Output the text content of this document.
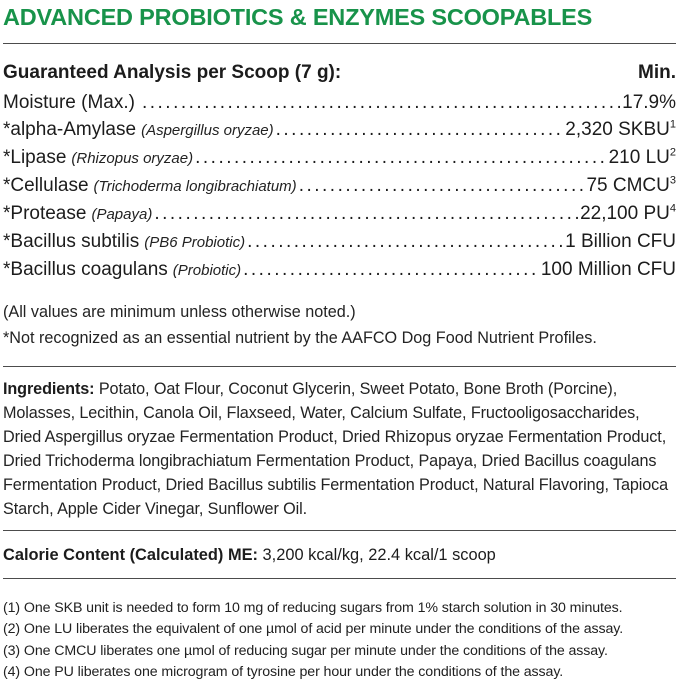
ADVANCED PROBIOTICS & ENZYMES SCOOPABLES
Guaranteed Analysis per Scoop (7 g):	Min.
Moisture (Max.) .....	17.9%
*alpha-Amylase (Aspergillus oryzae) .....	2,320 SKBU$^1$
*Lipase (Rhizopus oryzae) .....	210 $LU^2$
*Cellulase (Trichoderma longibrachiatum) .....	75 CMCU$^3$
*Protease (Papaya) .....	22,100 $PU^4$
*Bacillus subtilis (PB6 Probiotic) .....	1 Billion CFU
*Bacillus coagulans (Probiotic) .....	100 Million CFU

(All values are minimum unless otherwise noted.)

*Not recognized as an essential nutrient by the AAFCO Dog Food Nutrient Profiles.

Ingredients: Potato, Oat Flour, Coconut Glycerin, Sweet Potato, Bone Broth (Porcine), Molasses, Lecithin, Canola Oil, Flaxseed, Water, Calcium Sulfate, Fructooligosaccharides, Dried Aspergillus oryzae Fermentation Product, Dried Rhizopus oryzae Fermentation Product, Dried Trichoderma longibrachiatum Fermentation Product, Papaya, Dried Bacillus coagulans Fermentation Product, Dried Bacillus subtilis Fermentation Product, Natural Flavoring, Tapioca Starch, Apple Cider Vinegar, Sunflower Oil.

Calorie Content (Calculated) ME: 3,200 kcal/kg, 22.4 kcal/1 scoop

(1) One SKB unit is needed to form 10 mg of reducing sugars from 1% starch solution in 30 minutes.

(2) One LU liberates the equivalent of one µmol of acid per minute under the conditions of the assay.

(3) One CMCU liberates one µmol of reducing sugar per minute under the conditions of the assay.

(4) One PU liberates one microgram of tyrosine per hour under the conditions of the assay.
